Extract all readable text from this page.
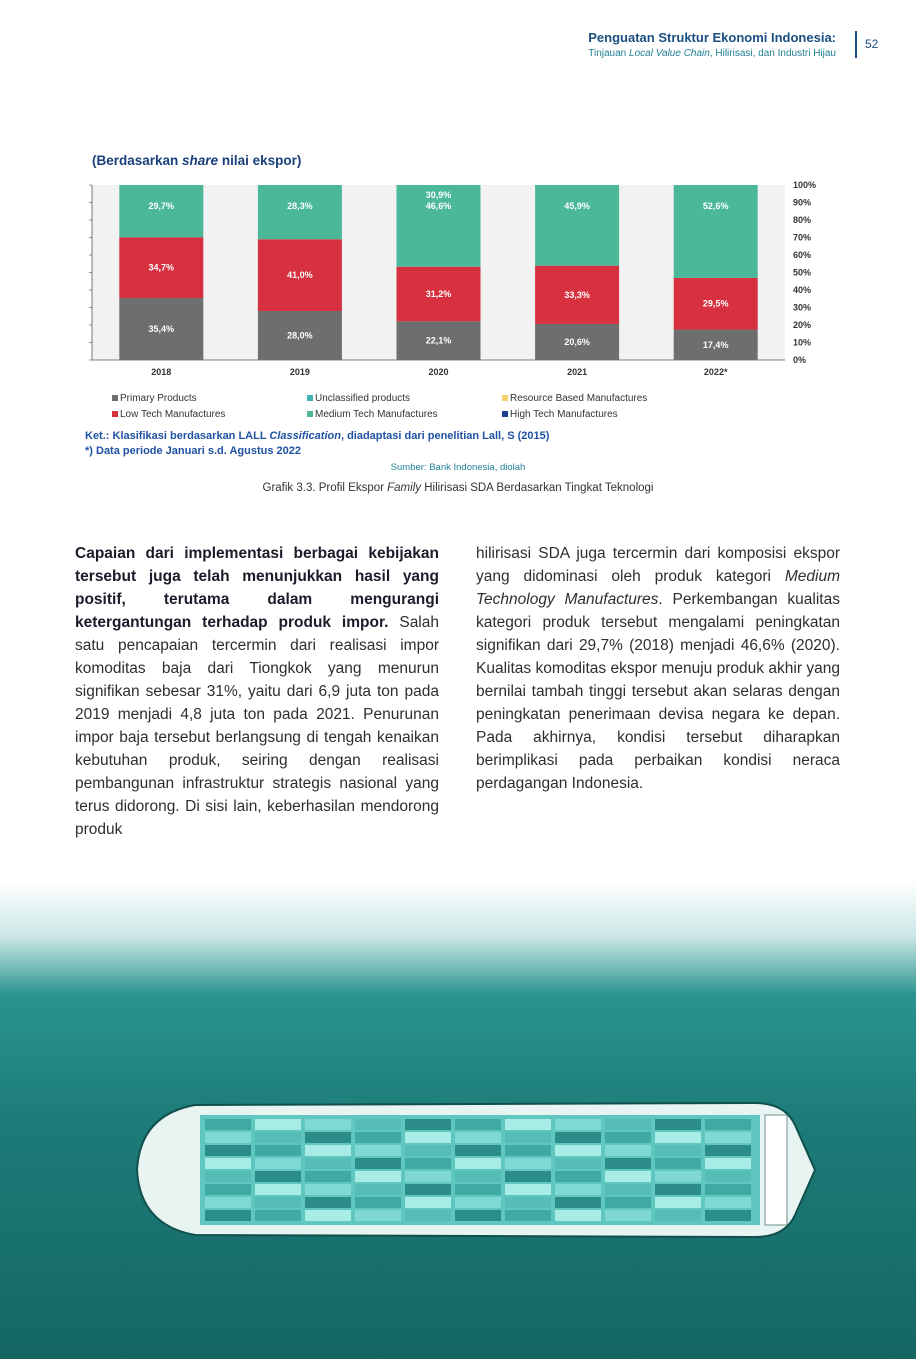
Penguatan Struktur Ekonomi Indonesia:
Tinjauan Local Value Chain, Hilirisasi, dan Industri Hijau
52
(Berdasarkan share nilai ekspor)
0%
10%
20%
30%
40%
50%
60%
70%
80%
90%
100%
35,4%
34,7%
29,7%
2018
28,0%
41,0%
28,3%
2019
22,1%
31,2%
46,6%
30,9%
2020
20,6%
33,3%
45,9%
2021
17,4%
29,5%
52,6%
2022*
Primary Products	Unclassified products	Resource Based Manufactures
Low Tech Manufactures	Medium Tech Manufactures	High Tech Manufactures
Ket.: Klasifikasi berdasarkan LALL Classification, diadaptasi dari penelitian Lall, S (2015)
*) Data periode Januari s.d. Agustus 2022
Sumber: Bank Indonesia, diolah
Grafik 3.3. Profil Ekspor Family Hilirisasi SDA Berdasarkan Tingkat Teknologi
Capaian dari implementasi berbagai kebijakan tersebut juga telah menunjukkan hasil yang positif, terutama dalam mengurangi ketergantungan terhadap produk impor. Salah satu pencapaian tercermin dari realisasi impor komoditas baja dari Tiongkok yang menurun signifikan sebesar 31%, yaitu dari 6,9 juta ton pada 2019 menjadi 4,8 juta ton pada 2021. Penurunan impor baja tersebut berlangsung di tengah kenaikan kebutuhan produk, seiring dengan realisasi pembangunan infrastruktur strategis nasional yang terus didorong. Di sisi lain, keberhasilan mendorong produk
hilirisasi SDA juga tercermin dari komposisi ekspor yang didominasi oleh produk kategori Medium Technology Manufactures. Perkembangan kualitas kategori produk tersebut mengalami peningkatan signifikan dari 29,7% (2018) menjadi 46,6% (2020). Kualitas komoditas ekspor menuju produk akhir yang bernilai tambah tinggi tersebut akan selaras dengan peningkatan penerimaan devisa negara ke depan. Pada akhirnya, kondisi tersebut diharapkan berimplikasi pada perbaikan kondisi neraca perdagangan Indonesia.
